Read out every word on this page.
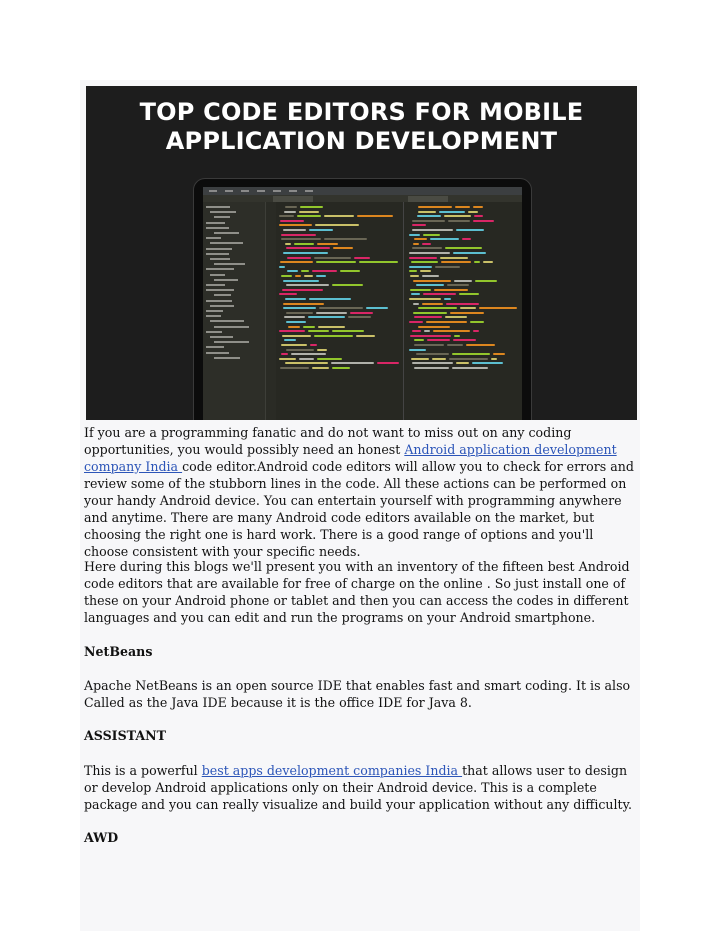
TOP CODE EDITORS FOR MOBILE
APPLICATION DEVELOPMENT

If you are a programming fanatic and do not want to miss out on any coding opportunities, you would possibly need an honest Android application development company India code editor.Android code editors will allow you to check for errors and review some of the stubborn lines in the code. All these actions can be performed on your handy Android device. You can entertain yourself with programming anywhere and anytime. There are many Android code editors available on the market, but choosing the right one is hard work. There is a good range of options and you'll choose consistent with your specific needs.

Here during this blogs we'll present you with an inventory of the fifteen best Android code editors that are available for free of charge on the online . So just install one of these on your Android phone or tablet and then you can access the codes in different languages and you can edit and run the programs on your Android smartphone.

NetBeans

Apache NetBeans is an open source IDE that enables fast and smart coding. It is also Called as the Java IDE because it is the office IDE for Java 8.

ASSISTANT

This is a powerful best apps development companies India that allows user to design or develop Android applications only on their Android device. This is a complete package and you can really visualize and build your application without any difficulty.

AWD
